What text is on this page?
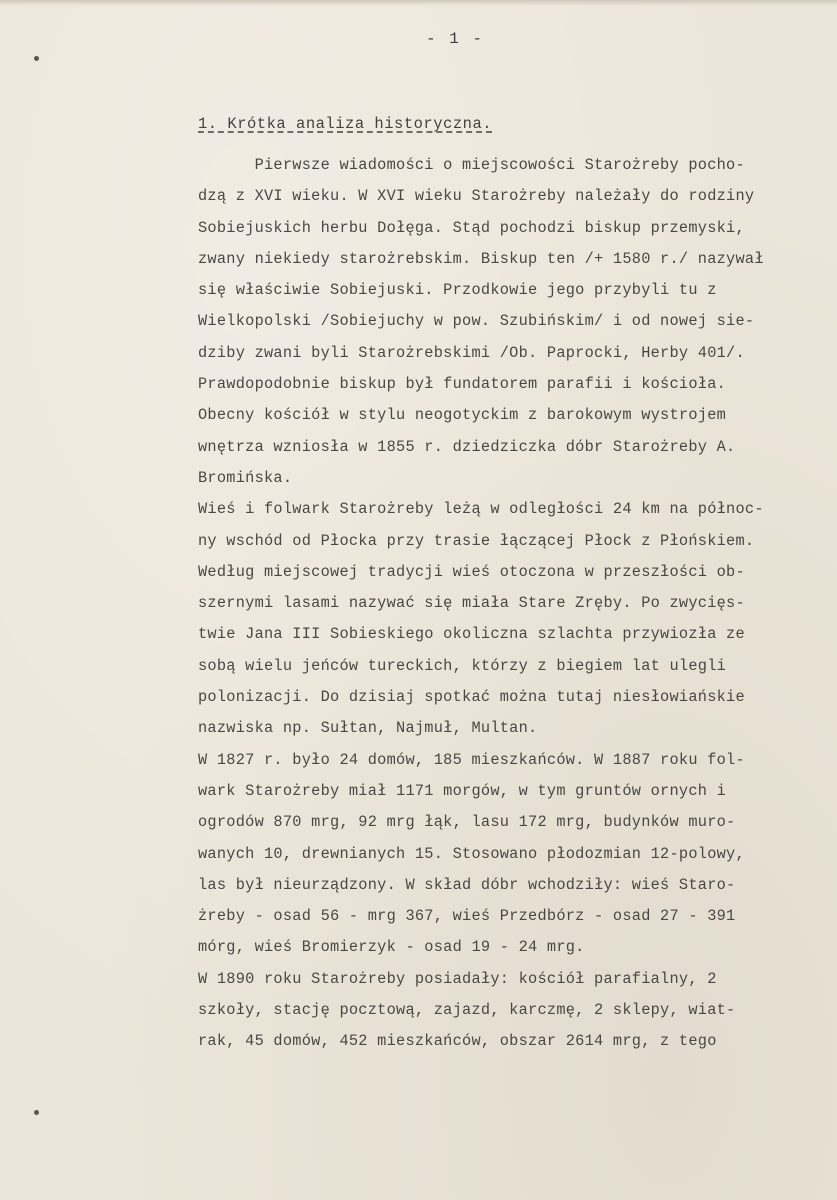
- 1 -
1. Krótka analiza historyczna.
Pierwsze wiadomości o miejscowości Starożreby pocho-
dzą z XVI wieku. W XVI wieku Starożreby należały do rodziny
Sobiejuskich herbu Dołęga. Stąd pochodzi biskup przemyski,
zwany niekiedy starożrebskim. Biskup ten /+ 1580 r./ nazywał
się właściwie Sobiejuski. Przodkowie jego przybyli tu z
Wielkopolski /Sobiejuchy w pow. Szubińskim/ i od nowej sie-
dziby zwani byli Starożrebskimi /Ob. Paprocki, Herby 401/.
Prawdopodobnie biskup był fundatorem parafii i kościoła.
Obecny kościół w stylu neogotyckim z barokowym wystrojem
wnętrza wzniosła w 1855 r. dziedziczka dóbr Starożreby A.
Bromińska.
Wieś i folwark Starożreby leżą w odległości 24 km na północ-
ny wschód od Płocka przy trasie łączącej Płock z Płońskiem.
Według miejscowej tradycji wieś otoczona w przeszłości ob-
szernymi lasami nazywać się miała Stare Zręby. Po zwycięs-
twie Jana III Sobieskiego okoliczna szlachta przywiozła ze
sobą wielu jeńców tureckich, którzy z biegiem lat ulegli
polonizacji. Do dzisiaj spotkać można tutaj niesłowiańskie
nazwiska np. Sułtan, Najmuł, Multan.
W 1827 r. było 24 domów, 185 mieszkańców. W 1887 roku fol-
wark Starożreby miał 1171 morgów, w tym gruntów ornych i
ogrodów 870 mrg, 92 mrg łąk, lasu 172 mrg, budynków muro-
wanych 10, drewnianych 15. Stosowano płodozmian 12-polowy,
las był nieurządzony. W skład dóbr wchodziły: wieś Staro-
żreby - osad 56 - mrg 367, wieś Przedbórz - osad 27 - 391
mórg, wieś Bromierzyk - osad 19 - 24 mrg.
W 1890 roku Starożreby posiadały: kościół parafialny, 2
szkoły, stację pocztową, zajazd, karczmę, 2 sklepy, wiat-
rak, 45 domów, 452 mieszkańców, obszar 2614 mrg, z tego
